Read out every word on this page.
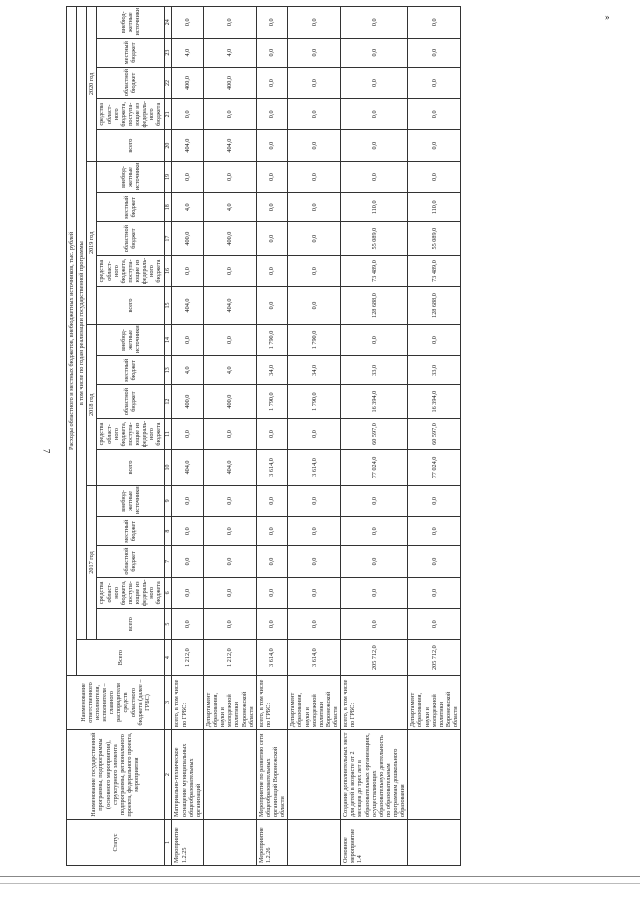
7
»
Статус	Наименование государственной программы, подпрограммы (основного мероприятия), структурного элемента подпрограммы, регионального проекта, федерального проекта, мероприятия	Наименование ответственного исполнителя, исполнителя – главного распорядителя средств областного бюджета (далее – ГРБС)	Расходы областного и местных бюджетов, внебюджетных источников, тыс. рублей																				
			Всего	в том числе по годам реализации государственной программы																			
				2017 год					2018 год					2019 год					2020 год				
				всего	средства област-ного бюджета, поступа-ющие из федераль-ного бюджета	областной бюджет	местный бюджет	внебюд-жетные источники	всего	средства област-ного бюджета, поступа-ющие из федераль-ного бюджета	областной бюджет	местный бюджет	внебюд-жетные источники	всего	средства област-ного бюджета, поступа-ющие из федераль-ного бюджета	областной бюджет	местный бюджет	внебюд-жетные источники	всего	средства област-ного бюджета, поступа-ющие из федераль-ного бюджета	областной бюджет	местный бюджет	внебюд-жетные источники
1	2	3	4	5	6	7	8	9	10	11	12	13	14	15	16	17	18	19	20	21	22	23	24
Мероприятие 1.2.25	Материально-техническое оснащение муниципальных общеобразовательных организаций	всего, в том числе по ГРБС:	1 212,0	0,0	0,0	0,0	0,0	0,0	404,0	0,0	400,0	4,0	0,0	404,0	0,0	400,0	4,0	0,0	404,0	0,0	400,0	4,0	0,0
		Департамент образования, науки и молодежной политики Воронежской области	1 212,0	0,0	0,0	0,0	0,0	0,0	404,0	0,0	400,0	4,0	0,0	404,0	0,0	400,0	4,0	0,0	404,0	0,0	400,0	4,0	0,0
Мероприятие 1.2.26	Мероприятие по развитию сети общеобразовательных организаций Воронежской области	всего, в том числе по ГРБС:	3 614,0	0,0	0,0	0,0	0,0	0,0	3 614,0	0,0	1 790,0	34,0	1 790,0	0,0	0,0	0,0	0,0	0,0	0,0	0,0	0,0	0,0	0,0
		Департамент образования, науки и молодежной политики Воронежской области	3 614,0	0,0	0,0	0,0	0,0	0,0	3 614,0	0,0	1 790,0	34,0	1 790,0	0,0	0,0	0,0	0,0	0,0	0,0	0,0	0,0	0,0	0,0
Основное мероприятие 1.4	Создание дополнительных мест для детей в возрасте от 2 месяцев до трех лет в образовательных организациях, осуществляющих образовательную деятельность по образовательным программам дошкольного образования	всего, в том числе по ГРБС:	205 712,0	0,0	0,0	0,0	0,0	0,0	77 024,0	60 597,0	16 394,0	33,0	0,0	128 688,0	73 489,0	55 089,0	110,0	0,0	0,0	0,0	0,0	0,0	0,0
		Департамент образования, науки и молодежной политики Воронежской области	205 712,0	0,0	0,0	0,0	0,0	0,0	77 024,0	60 597,0	16 394,0	33,0	0,0	128 688,0	73 489,0	55 089,0	110,0	0,0	0,0	0,0	0,0	0,0	0,0
